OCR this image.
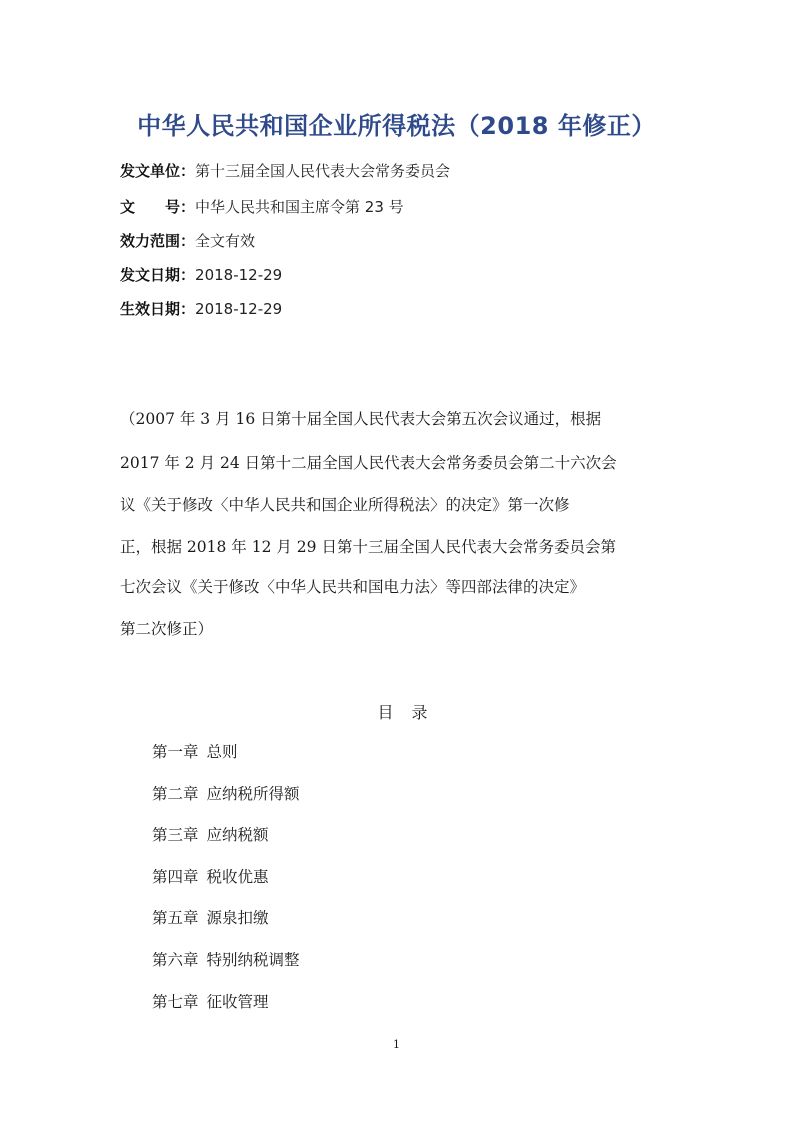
中华人民共和国企业所得税法（2018 年修正）
发文单位：第十三届全国人民代表大会常务委员会
文　　号：中华人民共和国主席令第 23 号
效力范围：全文有效
发文日期：2018-12-29
生效日期：2018-12-29
（2007 年 3 月 16 日第十届全国人民代表大会第五次会议通过，根据
2017 年 2 月 24 日第十二届全国人民代表大会常务委员会第二十六次会
议《关于修改〈中华人民共和国企业所得税法〉的决定》第一次修
正，根据 2018 年 12 月 29 日第十三届全国人民代表大会常务委员会第
七次会议《关于修改〈中华人民共和国电力法〉等四部法律的决定》
第二次修正）
目录
第一章 总则
第二章 应纳税所得额
第三章 应纳税额
第四章 税收优惠
第五章 源泉扣缴
第六章 特别纳税调整
第七章 征收管理
1
